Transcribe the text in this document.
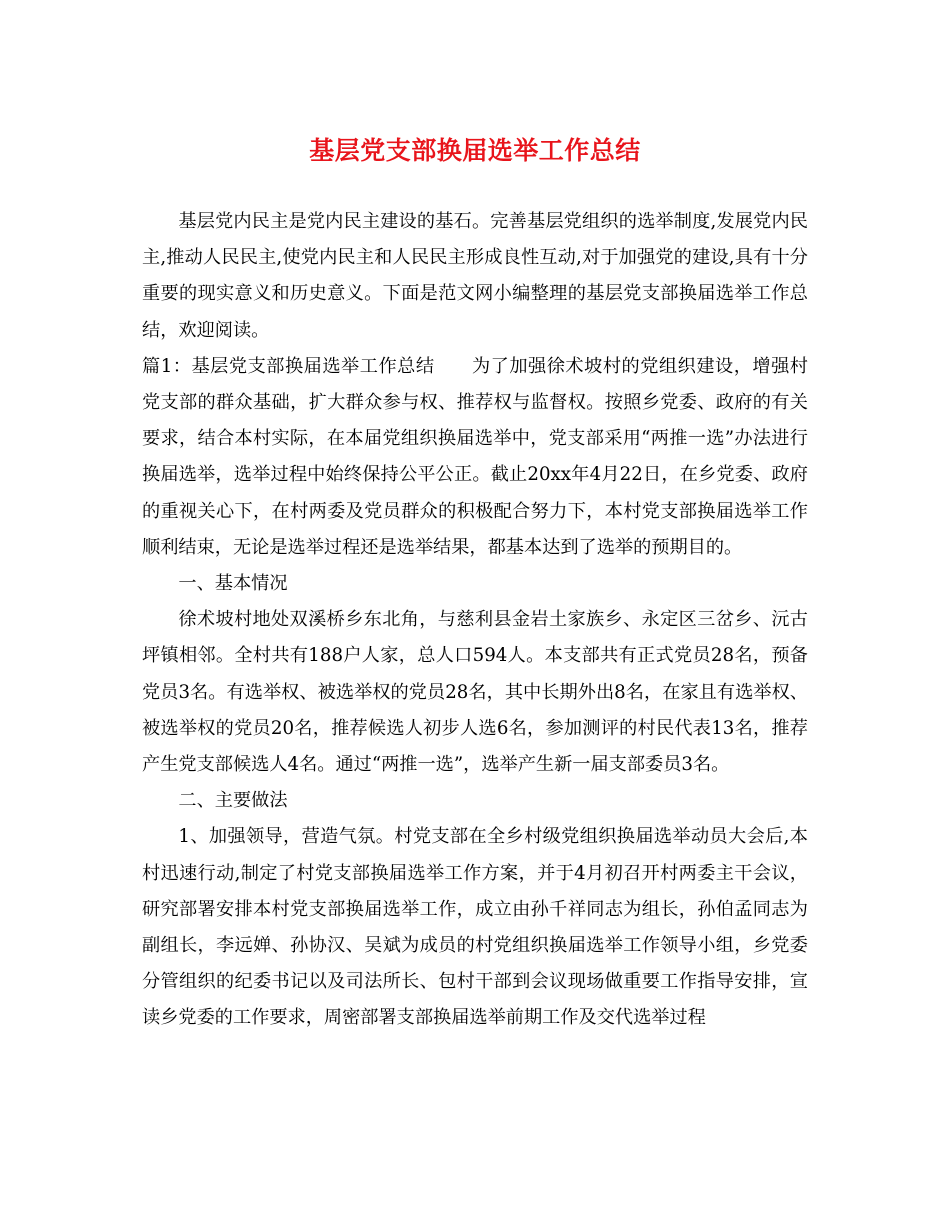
基层党支部换届选举工作总结

基层党内民主是党内民主建设的基石。完善基层党组织的选举制度,发展党内民主,推动人民民主,使党内民主和人民民主形成良性互动,对于加强党的建设,具有十分重要的现实意义和历史意义。下面是范文网小编整理的基层党支部换届选举工作总结，欢迎阅读。

篇1：基层党支部换届选举工作总结　　为了加强徐术坡村的党组织建设，增强村党支部的群众基础，扩大群众参与权、推荐权与监督权。按照乡党委、政府的有关要求，结合本村实际，在本届党组织换届选举中，党支部采用“两推一选”办法进行换届选举，选举过程中始终保持公平公正。截止20xx年4月22日，在乡党委、政府的重视关心下，在村两委及党员群众的积极配合努力下，本村党支部换届选举工作顺利结束，无论是选举过程还是选举结果，都基本达到了选举的预期目的。

一、基本情况

徐术坡村地处双溪桥乡东北角，与慈利县金岩土家族乡、永定区三岔乡、沅古坪镇相邻。全村共有188户人家，总人口594人。本支部共有正式党员28名，预备党员3名。有选举权、被选举权的党员28名，其中长期外出8名，在家且有选举权、被选举权的党员20名，推荐候选人初步人选6名，参加测评的村民代表13名，推荐产生党支部候选人4名。通过“两推一选”，选举产生新一届支部委员3名。

二、主要做法

1、加强领导，营造气氛。村党支部在全乡村级党组织换届选举动员大会后,本村迅速行动,制定了村党支部换届选举工作方案，并于4月初召开村两委主干会议，研究部署安排本村党支部换届选举工作，成立由孙千祥同志为组长，孙伯孟同志为副组长，李远婵、孙协汉、吴斌为成员的村党组织换届选举工作领导小组，乡党委分管组织的纪委书记以及司法所长、包村干部到会议现场做重要工作指导安排，宣读乡党委的工作要求，周密部署支部换届选举前期工作及交代选举过程
